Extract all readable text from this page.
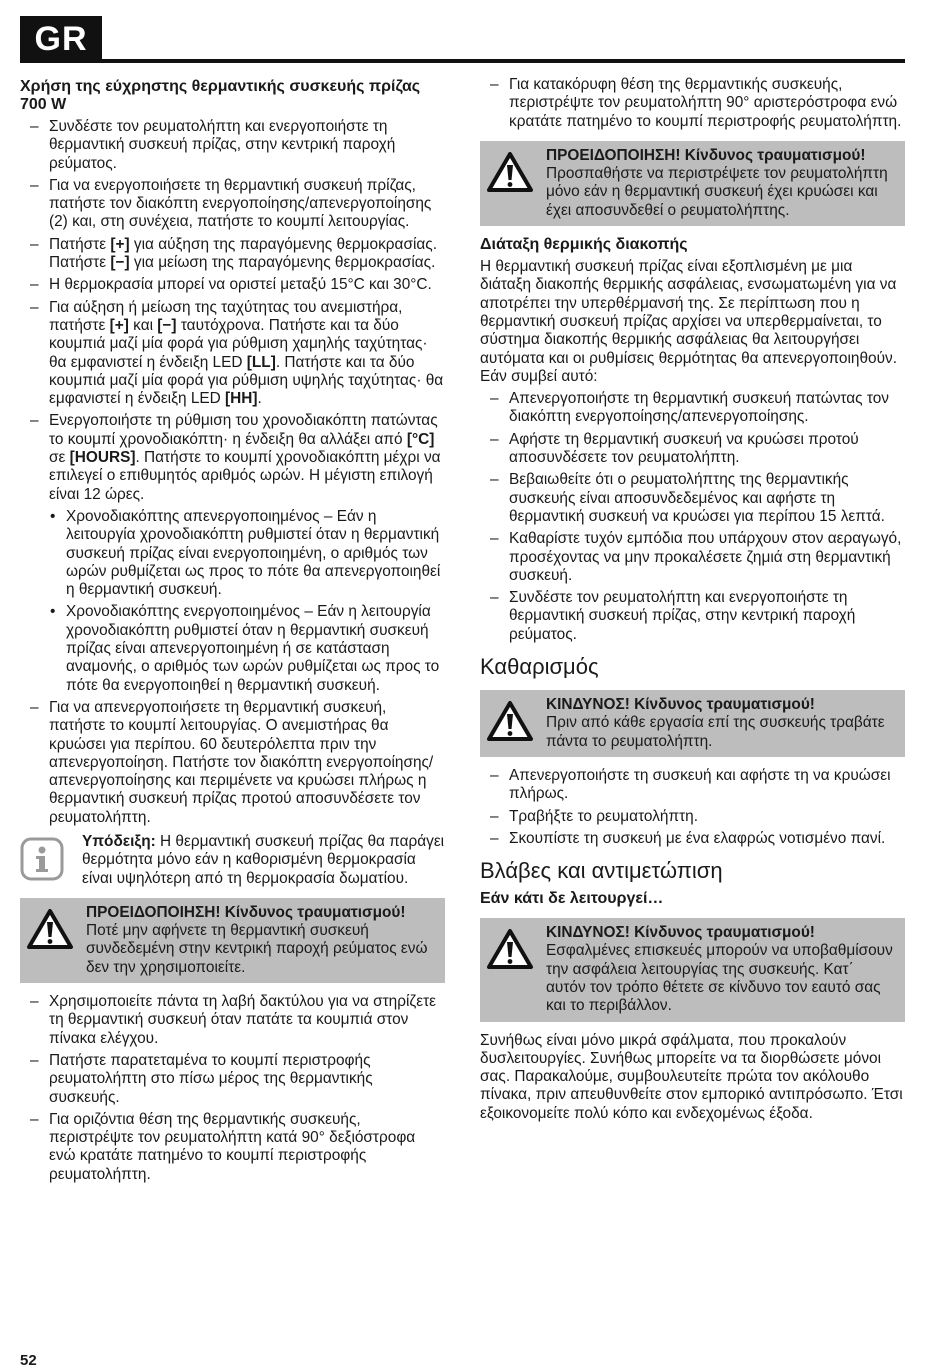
GR
Χρήση της εύχρηστης θερμαντικής συσκευής πρίζας 700 W
– Συνδέστε τον ρευματολήπτη και ενεργοποιήστε τη θερμαντική συσκευή πρίζας, στην κεντρική παροχή ρεύματος.
– Για να ενεργοποιήσετε τη θερμαντική συσκευή πρίζας, πατήστε τον διακόπτη ενεργοποίησης/απενεργοποίησης (2) και, στη συνέχεια, πατήστε το κουμπί λειτουργίας.
– Πατήστε [+] για αύξηση της παραγόμενης θερμοκρασίας. Πατήστε [−] για μείωση της παραγόμενης θερμοκρασίας.
– Η θερμοκρασία μπορεί να οριστεί μεταξύ 15°C και 30°C.
– Για αύξηση ή μείωση της ταχύτητας του ανεμιστήρα, πατήστε [+] και [−] ταυτόχρονα. Πατήστε και τα δύο κουμπιά μαζί μία φορά για ρύθμιση χαμηλής ταχύτητας· θα εμφανιστεί η ένδειξη LED [LL]. Πατήστε και τα δύο κουμπιά μαζί μία φορά για ρύθμιση υψηλής ταχύτητας· θα εμφανιστεί η ένδειξη LED [HH].
– Ενεργοποιήστε τη ρύθμιση του χρονοδιακόπτη πατώντας το κουμπί χρονοδιακόπτη· η ένδειξη θα αλλάξει από [°C] σε [HOURS]. Πατήστε το κουμπί χρονοδιακόπτη μέχρι να επιλεγεί ο επιθυμητός αριθμός ωρών. Η μέγιστη επιλογή είναι 12 ώρες.
• Χρονοδιακόπτης απενεργοποιημένος – Εάν η λειτουργία χρονοδιακόπτη ρυθμιστεί όταν η θερμαντική συσκευή πρίζας είναι ενεργοποιημένη, ο αριθμός των ωρών ρυθμίζεται ως προς το πότε θα απενεργοποιηθεί η θερμαντική συσκευή.
• Χρονοδιακόπτης ενεργοποιημένος – Εάν η λειτουργία χρονοδιακόπτη ρυθμιστεί όταν η θερμαντική συσκευή πρίζας είναι απενεργοποιημένη ή σε κατάσταση αναμονής, ο αριθμός των ωρών ρυθμίζεται ως προς το πότε θα ενεργοποιηθεί η θερμαντική συσκευή.
– Για να απενεργοποιήσετε τη θερμαντική συσκευή, πατήστε το κουμπί λειτουργίας. Ο ανεμιστήρας θα κρυώσει για περίπου. 60 δευτερόλεπτα πριν την απενεργοποίηση. Πατήστε τον διακόπτη ενεργοποίησης/απενεργοποίησης και περιμένετε να κρυώσει πλήρως η θερμαντική συσκευή πρίζας προτού αποσυνδέσετε τον ρευματολήπτη.
Υπόδειξη: Η θερμαντική συσκευή πρίζας θα παράγει θερμότητα μόνο εάν η καθορισμένη θερμοκρασία είναι υψηλότερη από τη θερμοκρασία δωματίου.
ΠΡΟΕΙΔΟΠΟΙΗΣΗ! Κίνδυνος τραυματισμού! Ποτέ μην αφήνετε τη θερμαντική συσκευή συνδεδεμένη στην κεντρική παροχή ρεύματος ενώ δεν την χρησιμοποιείτε.
– Χρησιμοποιείτε πάντα τη λαβή δακτύλου για να στηρίζετε τη θερμαντική συσκευή όταν πατάτε τα κουμπιά στον πίνακα ελέγχου.
– Πατήστε παρατεταμένα το κουμπί περιστροφής ρευματολήπτη στο πίσω μέρος της θερμαντικής συσκευής.
– Για οριζόντια θέση της θερμαντικής συσκευής, περιστρέψτε τον ρευματολήπτη κατά 90° δεξιόστροφα ενώ κρατάτε πατημένο το κουμπί περιστροφής ρευματολήπτη.
– Για κατακόρυφη θέση της θερμαντικής συσκευής, περιστρέψτε τον ρευματολήπτη 90° αριστερόστροφα ενώ κρατάτε πατημένο το κουμπί περιστροφής ρευματολήπτη.
ΠΡΟΕΙΔΟΠΟΙΗΣΗ! Κίνδυνος τραυματισμού! Προσπαθήστε να περιστρέψετε τον ρευματολήπτη μόνο εάν η θερμαντική συσκευή έχει κρυώσει και έχει αποσυνδεθεί ο ρευματολήπτης.
Διάταξη θερμικής διακοπής
Η θερμαντική συσκευή πρίζας είναι εξοπλισμένη με μια διάταξη διακοπής θερμικής ασφάλειας, ενσωματωμένη για να αποτρέπει την υπερθέρμανσή της. Σε περίπτωση που η θερμαντική συσκευή πρίζας αρχίσει να υπερθερμαίνεται, το σύστημα διακοπής θερμικής ασφάλειας θα λειτουργήσει αυτόματα και οι ρυθμίσεις θερμότητας θα απενεργοποιηθούν. Εάν συμβεί αυτό:
– Απενεργοποιήστε τη θερμαντική συσκευή πατώντας τον διακόπτη ενεργοποίησης/απενεργοποίησης.
– Αφήστε τη θερμαντική συσκευή να κρυώσει προτού αποσυνδέσετε τον ρευματολήπτη.
– Βεβαιωθείτε ότι ο ρευματολήπτης της θερμαντικής συσκευής είναι αποσυνδεδεμένος και αφήστε τη θερμαντική συσκευή να κρυώσει για περίπου 15 λεπτά.
– Καθαρίστε τυχόν εμπόδια που υπάρχουν στον αεραγωγό, προσέχοντας να μην προκαλέσετε ζημιά στη θερμαντική συσκευή.
– Συνδέστε τον ρευματολήπτη και ενεργοποιήστε τη θερμαντική συσκευή πρίζας, στην κεντρική παροχή ρεύματος.
Καθαρισμός
ΚΙΝΔΥΝΟΣ! Κίνδυνος τραυματισμού!
Πριν από κάθε εργασία επί της συσκευής τραβάτε πάντα το ρευματολήπτη.
– Απενεργοποιήστε τη συσκευή και αφήστε τη να κρυώσει πλήρως.
– Τραβήξτε το ρευματολήπτη.
– Σκουπίστε τη συσκευή με ένα ελαφρώς νοτισμένο πανί.
Βλάβες και αντιμετώπιση
Εάν κάτι δε λειτουργεί…
ΚΙΝΔΥΝΟΣ! Κίνδυνος τραυματισμού!
Εσφαλμένες επισκευές μπορούν να υποβαθμίσουν την ασφάλεια λειτουργίας της συσκευής. Κατ΄ αυτόν τον τρόπο θέτετε σε κίνδυνο τον εαυτό σας και το περιβάλλον.
Συνήθως είναι μόνο μικρά σφάλματα, που προκαλούν δυσλειτουργίες. Συνήθως μπορείτε να τα διορθώσετε μόνοι σας. Παρακαλούμε, συμβουλευτείτε πρώτα τον ακόλουθο πίνακα, πριν απευθυνθείτε στον εμπορικό αντιπρόσωπο. Έτσι εξοικονομείτε πολύ κόπο και ενδεχομένως έξοδα.
52
